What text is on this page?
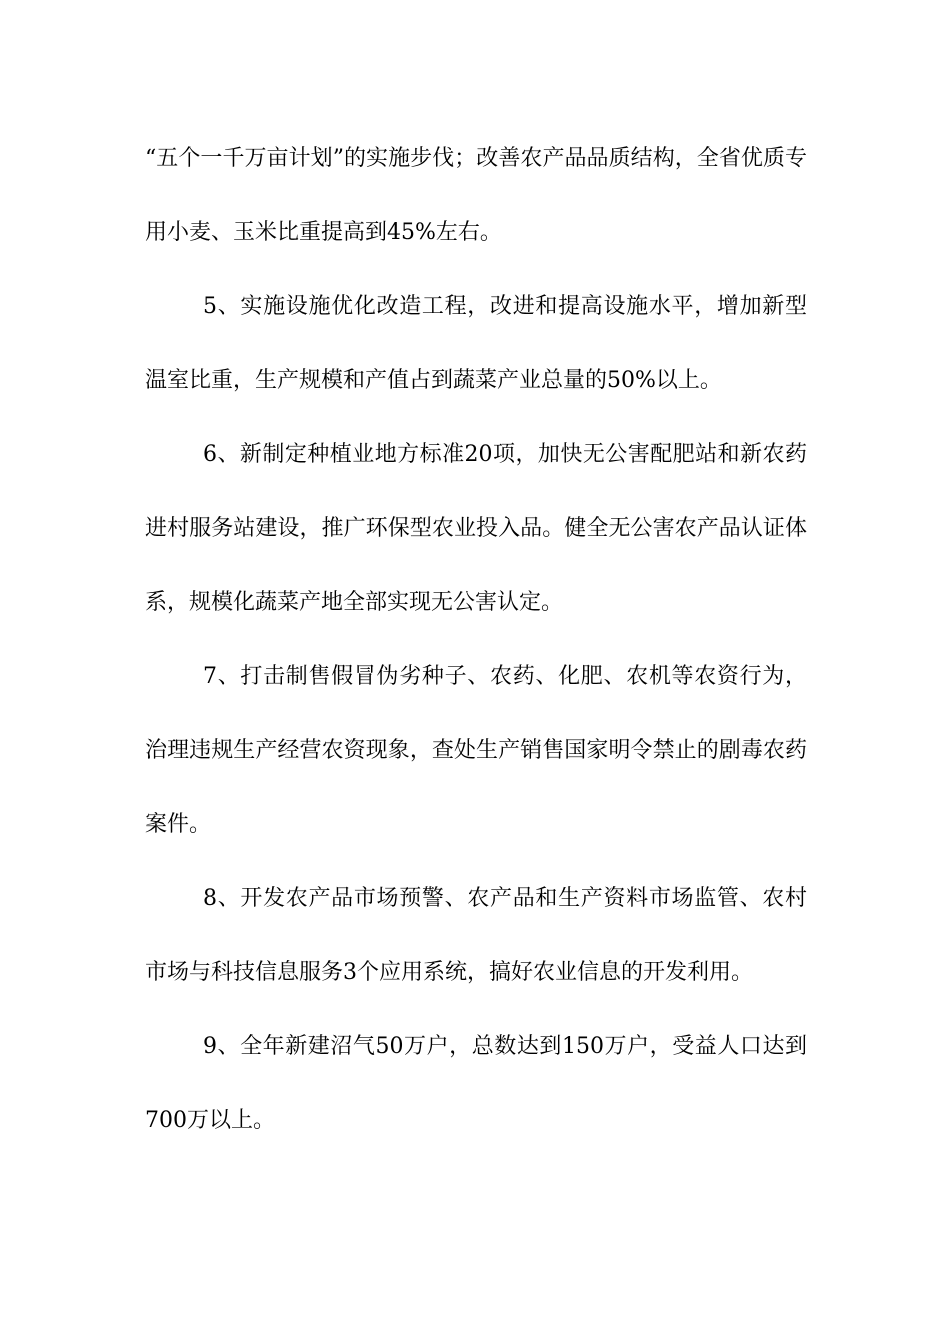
“五个一千万亩计划”的实施步伐；改善农产品品质结构，全省优质专用小麦、玉米比重提高到45%左右。

5、实施设施优化改造工程，改进和提高设施水平，增加新型温室比重，生产规模和产值占到蔬菜产业总量的50%以上。

6、新制定种植业地方标准20项，加快无公害配肥站和新农药进村服务站建设，推广环保型农业投入品。健全无公害农产品认证体系，规模化蔬菜产地全部实现无公害认定。

7、打击制售假冒伪劣种子、农药、化肥、农机等农资行为，治理违规生产经营农资现象，查处生产销售国家明令禁止的剧毒农药案件。

8、开发农产品市场预警、农产品和生产资料市场监管、农村市场与科技信息服务3个应用系统，搞好农业信息的开发利用。

9、全年新建沼气50万户，总数达到150万户，受益人口达到700万以上。
